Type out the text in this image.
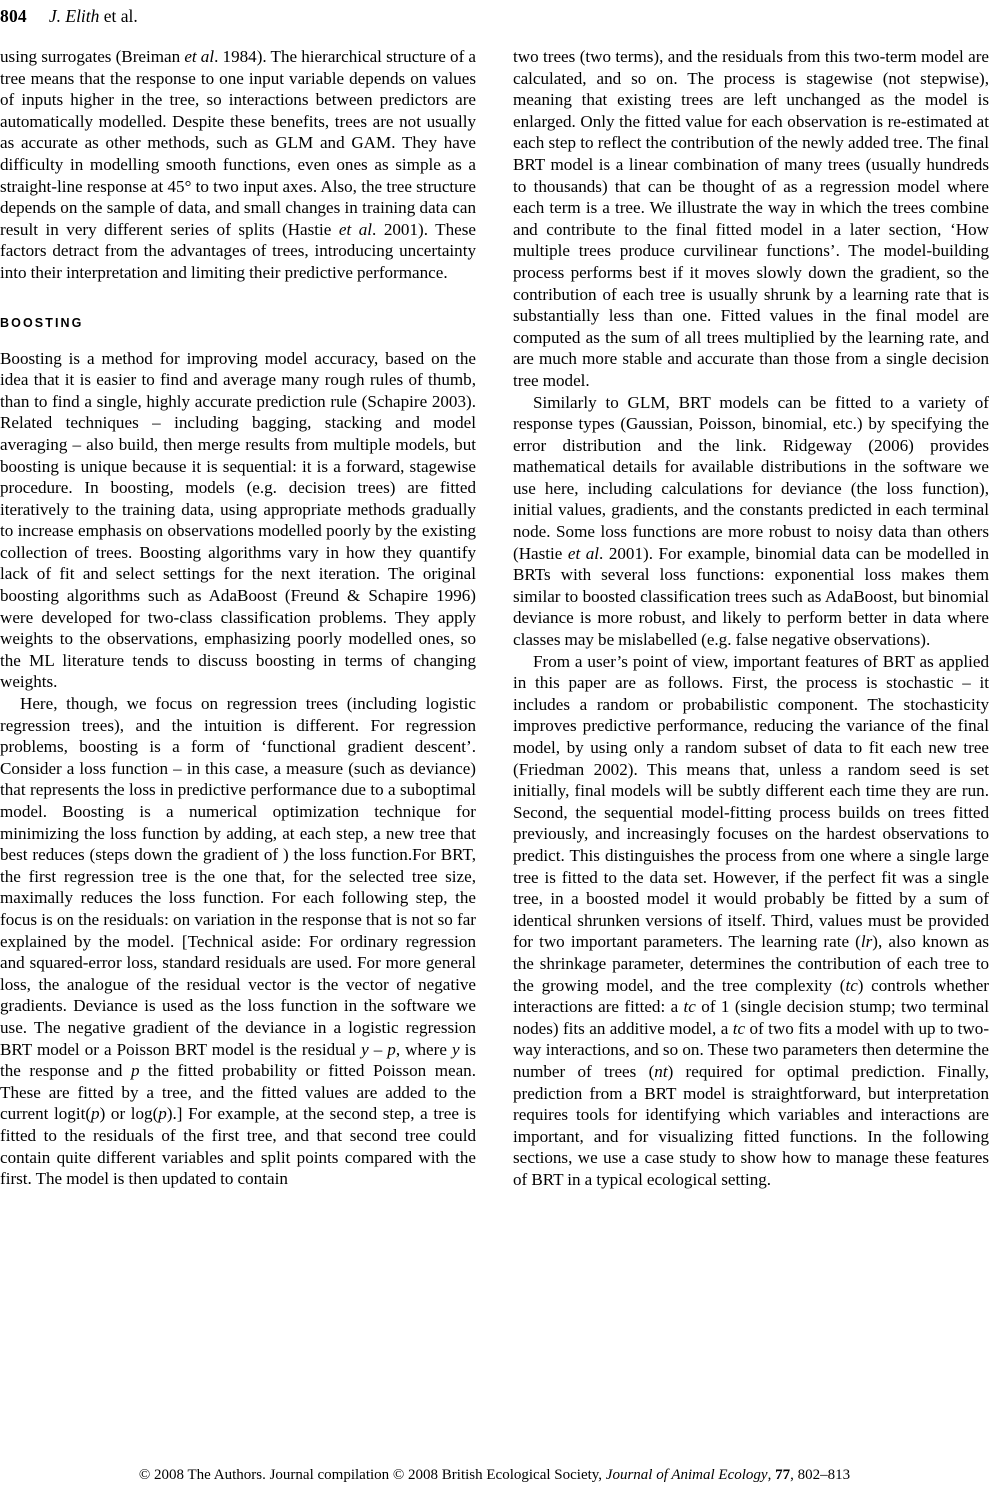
804 J. Elith et al.

using surrogates (Breiman et al. 1984). The hierarchical structure of a tree means that the response to one input variable depends on values of inputs higher in the tree, so interactions between predictors are automatically modelled. Despite these benefits, trees are not usually as accurate as other methods, such as GLM and GAM. They have difficulty in modelling smooth functions, even ones as simple as a straight-line response at 45° to two input axes. Also, the tree structure depends on the sample of data, and small changes in training data can result in very different series of splits (Hastie et al. 2001). These factors detract from the advantages of trees, introducing uncertainty into their interpretation and limiting their predictive performance.

BOOSTING

Boosting is a method for improving model accuracy, based on the idea that it is easier to find and average many rough rules of thumb, than to find a single, highly accurate prediction rule (Schapire 2003). Related techniques – including bagging, stacking and model averaging – also build, then merge results from multiple models, but boosting is unique because it is sequential: it is a forward, stagewise procedure. In boosting, models (e.g. decision trees) are fitted iteratively to the training data, using appropriate methods gradually to increase emphasis on observations modelled poorly by the existing collection of trees. Boosting algorithms vary in how they quantify lack of fit and select settings for the next iteration. The original boosting algorithms such as AdaBoost (Freund & Schapire 1996) were developed for two-class classification problems. They apply weights to the observations, emphasizing poorly modelled ones, so the ML literature tends to discuss boosting in terms of changing weights.

Here, though, we focus on regression trees (including logistic regression trees), and the intuition is different. For regression problems, boosting is a form of ‘functional gradient descent’. Consider a loss function – in this case, a measure (such as deviance) that represents the loss in predictive performance due to a suboptimal model. Boosting is a numerical optimization technique for minimizing the loss function by adding, at each step, a new tree that best reduces (steps down the gradient of ) the loss function.For BRT, the first regression tree is the one that, for the selected tree size, maximally reduces the loss function. For each following step, the focus is on the residuals: on variation in the response that is not so far explained by the model. [Technical aside: For ordinary regression and squared-error loss, standard residuals are used. For more general loss, the analogue of the residual vector is the vector of negative gradients. Deviance is used as the loss function in the software we use. The negative gradient of the deviance in a logistic regression BRT model or a Poisson BRT model is the residual y – p, where y is the response and p the fitted probability or fitted Poisson mean. These are fitted by a tree, and the fitted values are added to the current logit(p) or log(p).] For example, at the second step, a tree is fitted to the residuals of the first tree, and that second tree could contain quite different variables and split points compared with the first. The model is then updated to contain

two trees (two terms), and the residuals from this two-term model are calculated, and so on. The process is stagewise (not stepwise), meaning that existing trees are left unchanged as the model is enlarged. Only the fitted value for each observation is re-estimated at each step to reflect the contribution of the newly added tree. The final BRT model is a linear combination of many trees (usually hundreds to thousands) that can be thought of as a regression model where each term is a tree. We illustrate the way in which the trees combine and contribute to the final fitted model in a later section, ‘How multiple trees produce curvilinear functions’. The model-building process performs best if it moves slowly down the gradient, so the contribution of each tree is usually shrunk by a learning rate that is substantially less than one. Fitted values in the final model are computed as the sum of all trees multiplied by the learning rate, and are much more stable and accurate than those from a single decision tree model.

Similarly to GLM, BRT models can be fitted to a variety of response types (Gaussian, Poisson, binomial, etc.) by specifying the error distribution and the link. Ridgeway (2006) provides mathematical details for available distributions in the software we use here, including calculations for deviance (the loss function), initial values, gradients, and the constants predicted in each terminal node. Some loss functions are more robust to noisy data than others (Hastie et al. 2001). For example, binomial data can be modelled in BRTs with several loss functions: exponential loss makes them similar to boosted classification trees such as AdaBoost, but binomial deviance is more robust, and likely to perform better in data where classes may be mislabelled (e.g. false negative observations).

From a user’s point of view, important features of BRT as applied in this paper are as follows. First, the process is stochastic – it includes a random or probabilistic component. The stochasticity improves predictive performance, reducing the variance of the final model, by using only a random subset of data to fit each new tree (Friedman 2002). This means that, unless a random seed is set initially, final models will be subtly different each time they are run. Second, the sequential model-fitting process builds on trees fitted previously, and increasingly focuses on the hardest observations to predict. This distinguishes the process from one where a single large tree is fitted to the data set. However, if the perfect fit was a single tree, in a boosted model it would probably be fitted by a sum of identical shrunken versions of itself. Third, values must be provided for two important parameters. The learning rate (lr), also known as the shrinkage parameter, determines the contribution of each tree to the growing model, and the tree complexity (tc) controls whether interactions are fitted: a tc of 1 (single decision stump; two terminal nodes) fits an additive model, a tc of two fits a model with up to two-way interactions, and so on. These two parameters then determine the number of trees (nt) required for optimal prediction. Finally, prediction from a BRT model is straightforward, but interpretation requires tools for identifying which variables and interactions are important, and for visualizing fitted functions. In the following sections, we use a case study to show how to manage these features of BRT in a typical ecological setting.

© 2008 The Authors. Journal compilation © 2008 British Ecological Society, Journal of Animal Ecology, 77, 802–813
